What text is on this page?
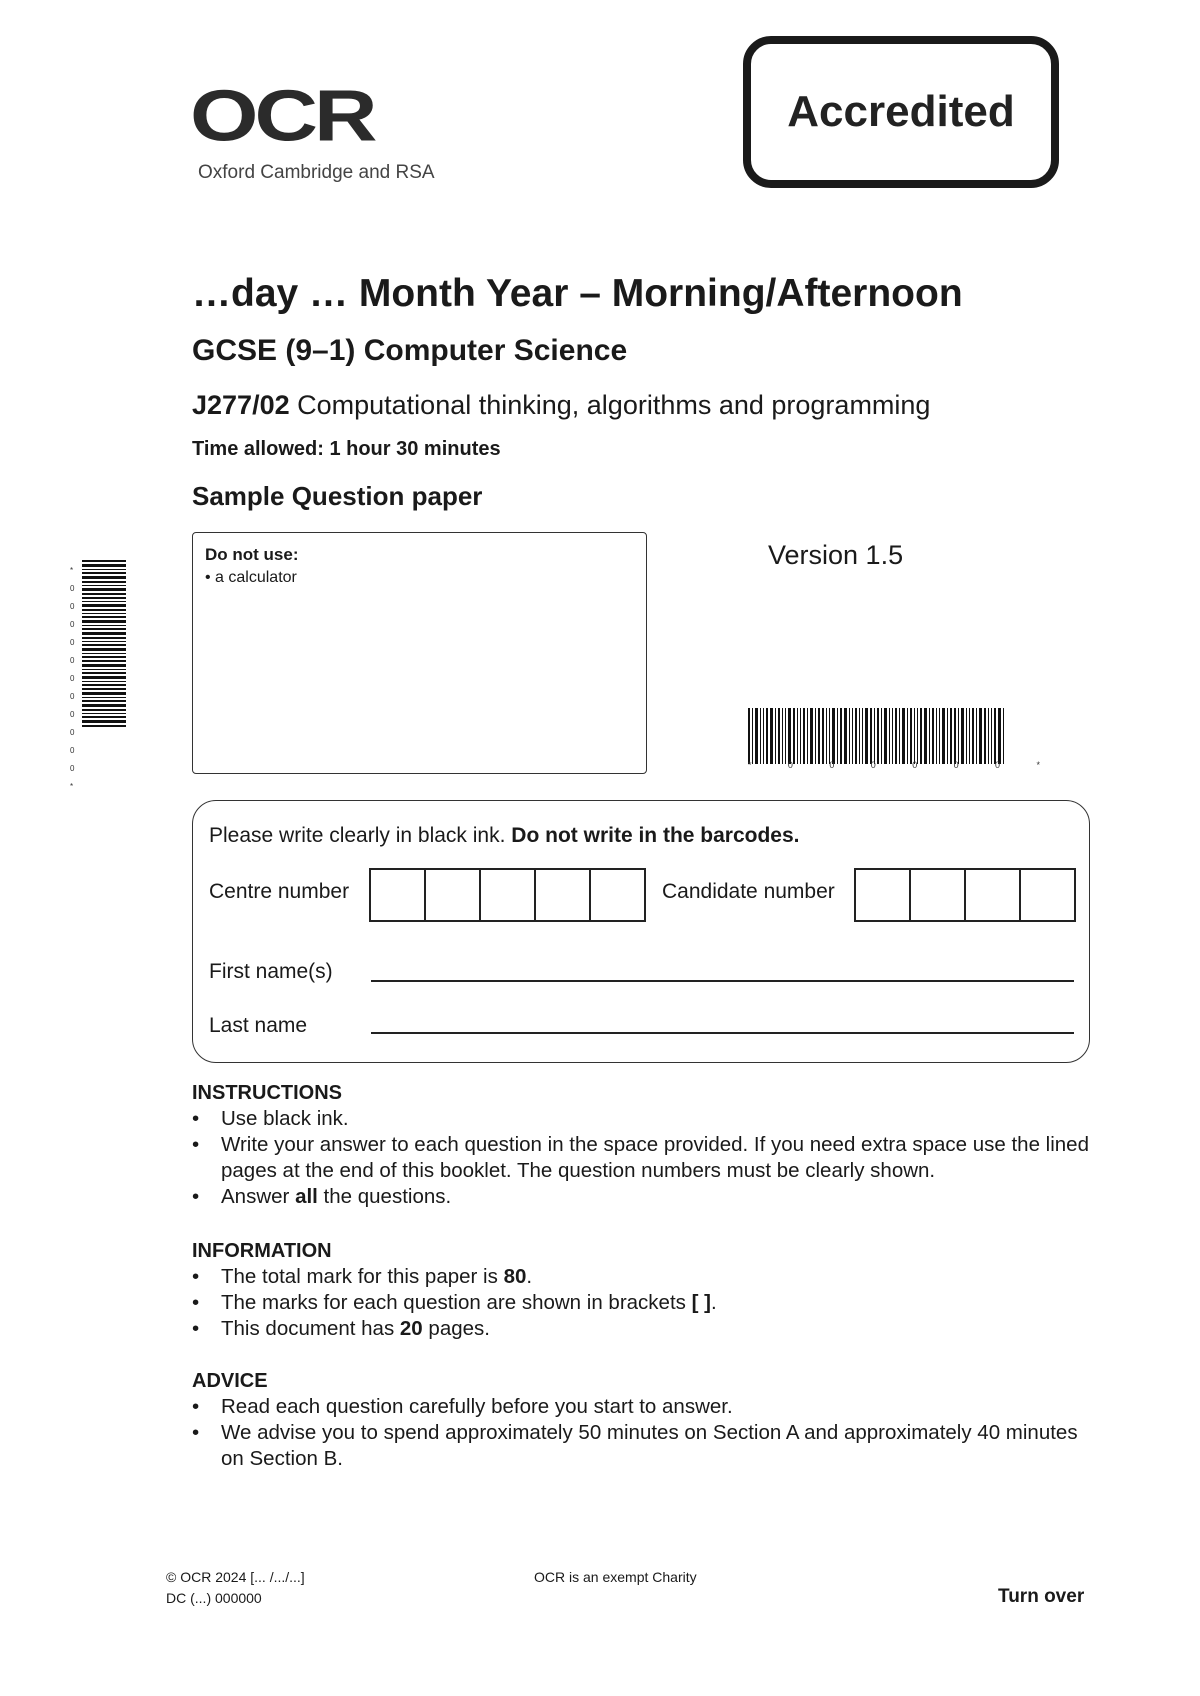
OCR
Oxford Cambridge and RSA
Accredited
…day … Month Year – Morning/Afternoon
GCSE (9–1) Computer Science
J277/02 Computational thinking, algorithms and programming
Time allowed: 1 hour 30 minutes
Sample Question paper
Do not use:
• a calculator
Version 1.5
*	0	0	0	0	0	0	*
*
0
0
0
0
0
0
0
0
0
0
0
*
Please write clearly in black ink. Do not write in the barcodes.
Centre number	Candidate number
First name(s)
Last name
INSTRUCTIONS
• Use black ink.
• Write your answer to each question in the space provided. If you need extra space use the lined pages at the end of this booklet. The question numbers must be clearly shown.
• Answer all the questions.
INFORMATION
• The total mark for this paper is 80.
• The marks for each question are shown in brackets [ ].
• This document has 20 pages.
ADVICE
• Read each question carefully before you start to answer.
• We advise you to spend approximately 50 minutes on Section A and approximately 40 minutes on Section B.
© OCR 2024 [... /.../...]
DC (...) 000000
OCR is an exempt Charity
Turn over
